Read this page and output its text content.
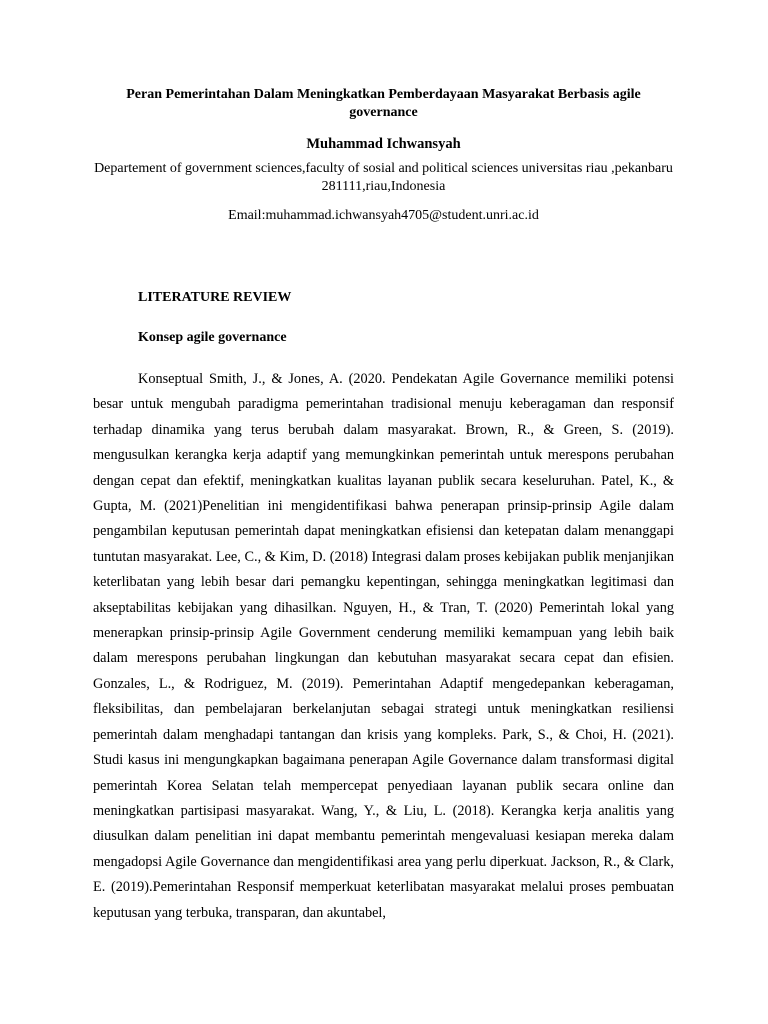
Peran Pemerintahan Dalam Meningkatkan Pemberdayaan Masyarakat Berbasis agile governance

Muhammad Ichwansyah

Departement of government sciences,faculty of sosial and political sciences universitas riau ,pekanbaru 281111,riau,Indonesia

Email:muhammad.ichwansyah4705@student.unri.ac.id

LITERATURE REVIEW

Konsep agile governance

Konseptual Smith, J., & Jones, A. (2020. Pendekatan Agile Governance memiliki potensi besar untuk mengubah paradigma pemerintahan tradisional menuju keberagaman dan responsif terhadap dinamika yang terus berubah dalam masyarakat. Brown, R., & Green, S. (2019). mengusulkan kerangka kerja adaptif yang memungkinkan pemerintah untuk merespons perubahan dengan cepat dan efektif, meningkatkan kualitas layanan publik secara keseluruhan. Patel, K., & Gupta, M. (2021)Penelitian ini mengidentifikasi bahwa penerapan prinsip-prinsip Agile dalam pengambilan keputusan pemerintah dapat meningkatkan efisiensi dan ketepatan dalam menanggapi tuntutan masyarakat. Lee, C., & Kim, D. (2018) Integrasi dalam proses kebijakan publik menjanjikan keterlibatan yang lebih besar dari pemangku kepentingan, sehingga meningkatkan legitimasi dan akseptabilitas kebijakan yang dihasilkan. Nguyen, H., & Tran, T. (2020) Pemerintah lokal yang menerapkan prinsip-prinsip Agile Government cenderung memiliki kemampuan yang lebih baik dalam merespons perubahan lingkungan dan kebutuhan masyarakat secara cepat dan efisien. Gonzales, L., & Rodriguez, M. (2019). Pemerintahan Adaptif mengedepankan keberagaman, fleksibilitas, dan pembelajaran berkelanjutan sebagai strategi untuk meningkatkan resiliensi pemerintah dalam menghadapi tantangan dan krisis yang kompleks. Park, S., & Choi, H. (2021). Studi kasus ini mengungkapkan bagaimana penerapan Agile Governance dalam transformasi digital pemerintah Korea Selatan telah mempercepat penyediaan layanan publik secara online dan meningkatkan partisipasi masyarakat. Wang, Y., & Liu, L. (2018). Kerangka kerja analitis yang diusulkan dalam penelitian ini dapat membantu pemerintah mengevaluasi kesiapan mereka dalam mengadopsi Agile Governance dan mengidentifikasi area yang perlu diperkuat. Jackson, R., & Clark, E. (2019).Pemerintahan Responsif memperkuat keterlibatan masyarakat melalui proses pembuatan keputusan yang terbuka, transparan, dan akuntabel,
